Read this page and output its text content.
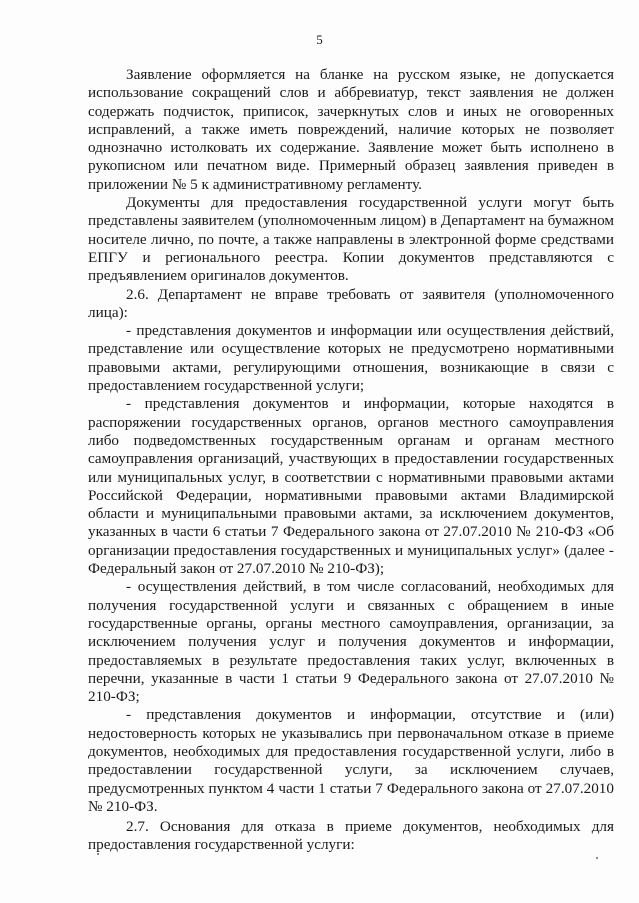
5

Заявление оформляется на бланке на русском языке, не допускается использование сокращений слов и аббревиатур, текст заявления не должен содержать подчисток, приписок, зачеркнутых слов и иных не оговоренных исправлений, а также иметь повреждений, наличие которых не позволяет однозначно истолковать их содержание. Заявление может быть исполнено в рукописном или печатном виде. Примерный образец заявления приведен в приложении № 5 к административному регламенту.

Документы для предоставления государственной услуги могут быть представлены заявителем (уполномоченным лицом) в Департамент на бумажном носителе лично, по почте, а также направлены в электронной форме средствами ЕПГУ и регионального реестра. Копии документов представляются с предъявлением оригиналов документов.

2.6. Департамент не вправе требовать от заявителя (уполномоченного лица):

- представления документов и информации или осуществления действий, представление или осуществление которых не предусмотрено нормативными правовыми актами, регулирующими отношения, возникающие в связи с предоставлением государственной услуги;

- представления документов и информации, которые находятся в распоряжении государственных органов, органов местного самоуправления либо подведомственных государственным органам и органам местного самоуправления организаций, участвующих в предоставлении государственных или муниципальных услуг, в соответствии с нормативными правовыми актами Российской Федерации, нормативными правовыми актами Владимирской области и муниципальными правовыми актами, за исключением документов, указанных в части 6 статьи 7 Федерального закона от 27.07.2010 № 210-ФЗ «Об организации предоставления государственных и муниципальных услуг» (далее - Федеральный закон от 27.07.2010 № 210-ФЗ);

- осуществления действий, в том числе согласований, необходимых для получения государственной услуги и связанных с обращением в иные государственные органы, органы местного самоуправления, организации, за исключением получения услуг и получения документов и информации, предоставляемых в результате предоставления таких услуг, включенных в перечни, указанные в части 1 статьи 9 Федерального закона от 27.07.2010 № 210-ФЗ;

- представления документов и информации, отсутствие и (или) недостоверность которых не указывались при первоначальном отказе в приеме документов, необходимых для предоставления государственной услуги, либо в предоставлении государственной услуги, за исключением случаев, предусмотренных пунктом 4 части 1 статьи 7 Федерального закона от 27.07.2010 № 210-ФЗ.

2.7. Основания для отказа в приеме документов, необходимых для предоставления государственной услуги:
